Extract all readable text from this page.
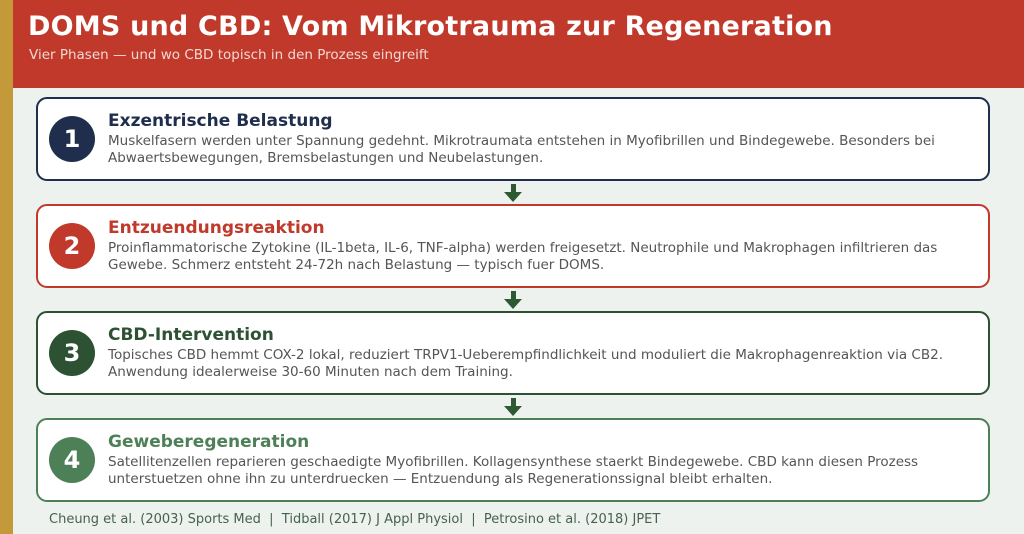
DOMS und CBD: Vom Mikrotrauma zur Regeneration
Vier Phasen — und wo CBD topisch in den Prozess eingreift
1

Exzentrische Belastung

Muskelfasern werden unter Spannung gedehnt. Mikrotraumata entstehen in Myofibrillen und Bindegewebe. Besonders bei Abwaertsbewegungen, Bremsbelastungen und Neubelastungen.

2

Entzuendungsreaktion

Proinflammatorische Zytokine (IL-1beta, IL-6, TNF-alpha) werden freigesetzt. Neutrophile und Makrophagen infiltrieren das Gewebe. Schmerz entsteht 24-72h nach Belastung — typisch fuer DOMS.

3

CBD-Intervention

Topisches CBD hemmt COX-2 lokal, reduziert TRPV1-Ueberempfindlichkeit und moduliert die Makrophagenreaktion via CB2. Anwendung idealerweise 30-60 Minuten nach dem Training.

4

Geweberegeneration

Satellitenzellen reparieren geschaedigte Myofibrillen. Kollagensynthese staerkt Bindegewebe. CBD kann diesen Prozess unterstuetzen ohne ihn zu unterdruecken — Entzuendung als Regenerationssignal bleibt erhalten.

Cheung et al. (2003) Sports Med  |  Tidball (2017) J Appl Physiol  |  Petrosino et al. (2018) JPET
